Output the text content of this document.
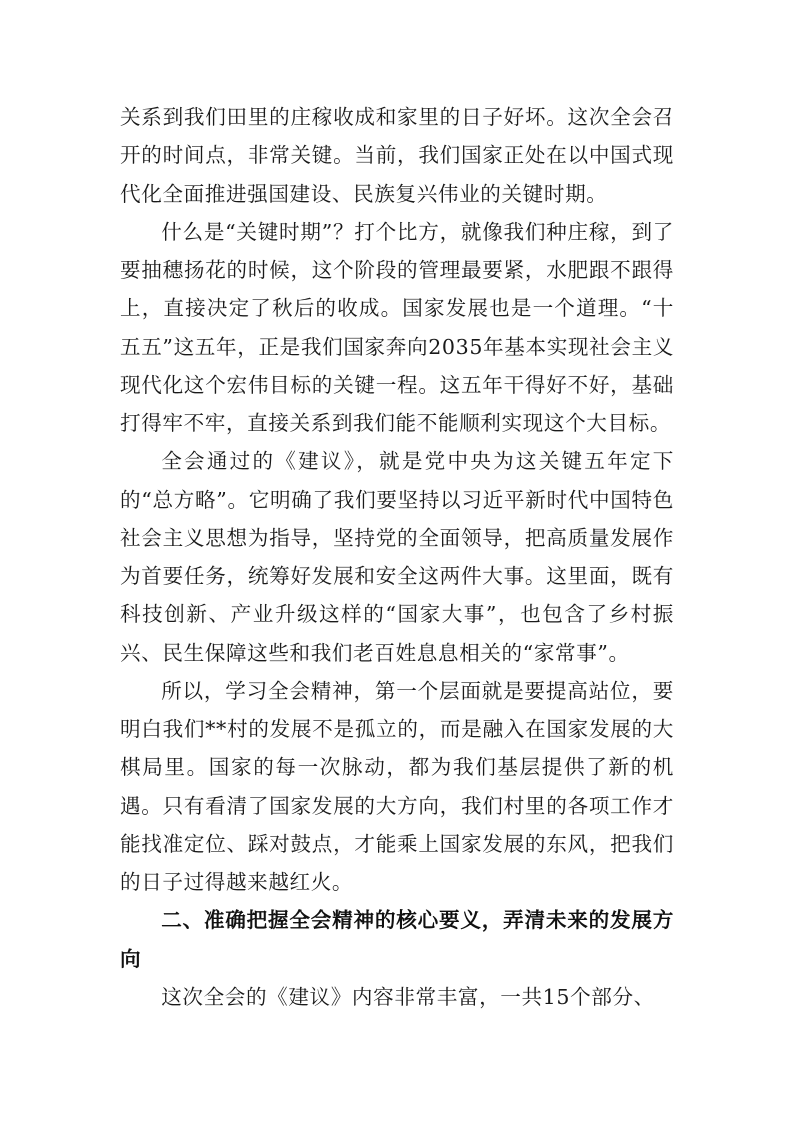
关系到我们田里的庄稼收成和家里的日子好坏。这次全会召开的时间点，非常关键。当前，我们国家正处在以中国式现代化全面推进强国建设、民族复兴伟业的关键时期。

什么是“关键时期”？打个比方，就像我们种庄稼，到了要抽穗扬花的时候，这个阶段的管理最要紧，水肥跟不跟得上，直接决定了秋后的收成。国家发展也是一个道理。“十五五”这五年，正是我们国家奔向2035年基本实现社会主义现代化这个宏伟目标的关键一程。这五年干得好不好，基础打得牢不牢，直接关系到我们能不能顺利实现这个大目标。

全会通过的《建议》，就是党中央为这关键五年定下的“总方略”。它明确了我们要坚持以习近平新时代中国特色社会主义思想为指导，坚持党的全面领导，把高质量发展作为首要任务，统筹好发展和安全这两件大事。这里面，既有科技创新、产业升级这样的“国家大事”，也包含了乡村振兴、民生保障这些和我们老百姓息息相关的“家常事”。

所以，学习全会精神，第一个层面就是要提高站位，要明白我们**村的发展不是孤立的，而是融入在国家发展的大棋局里。国家的每一次脉动，都为我们基层提供了新的机遇。只有看清了国家发展的大方向，我们村里的各项工作才能找准定位、踩对鼓点，才能乘上国家发展的东风，把我们的日子过得越来越红火。

二、准确把握全会精神的核心要义，弄清未来的发展方向

这次全会的《建议》内容非常丰富，一共15个部分、
